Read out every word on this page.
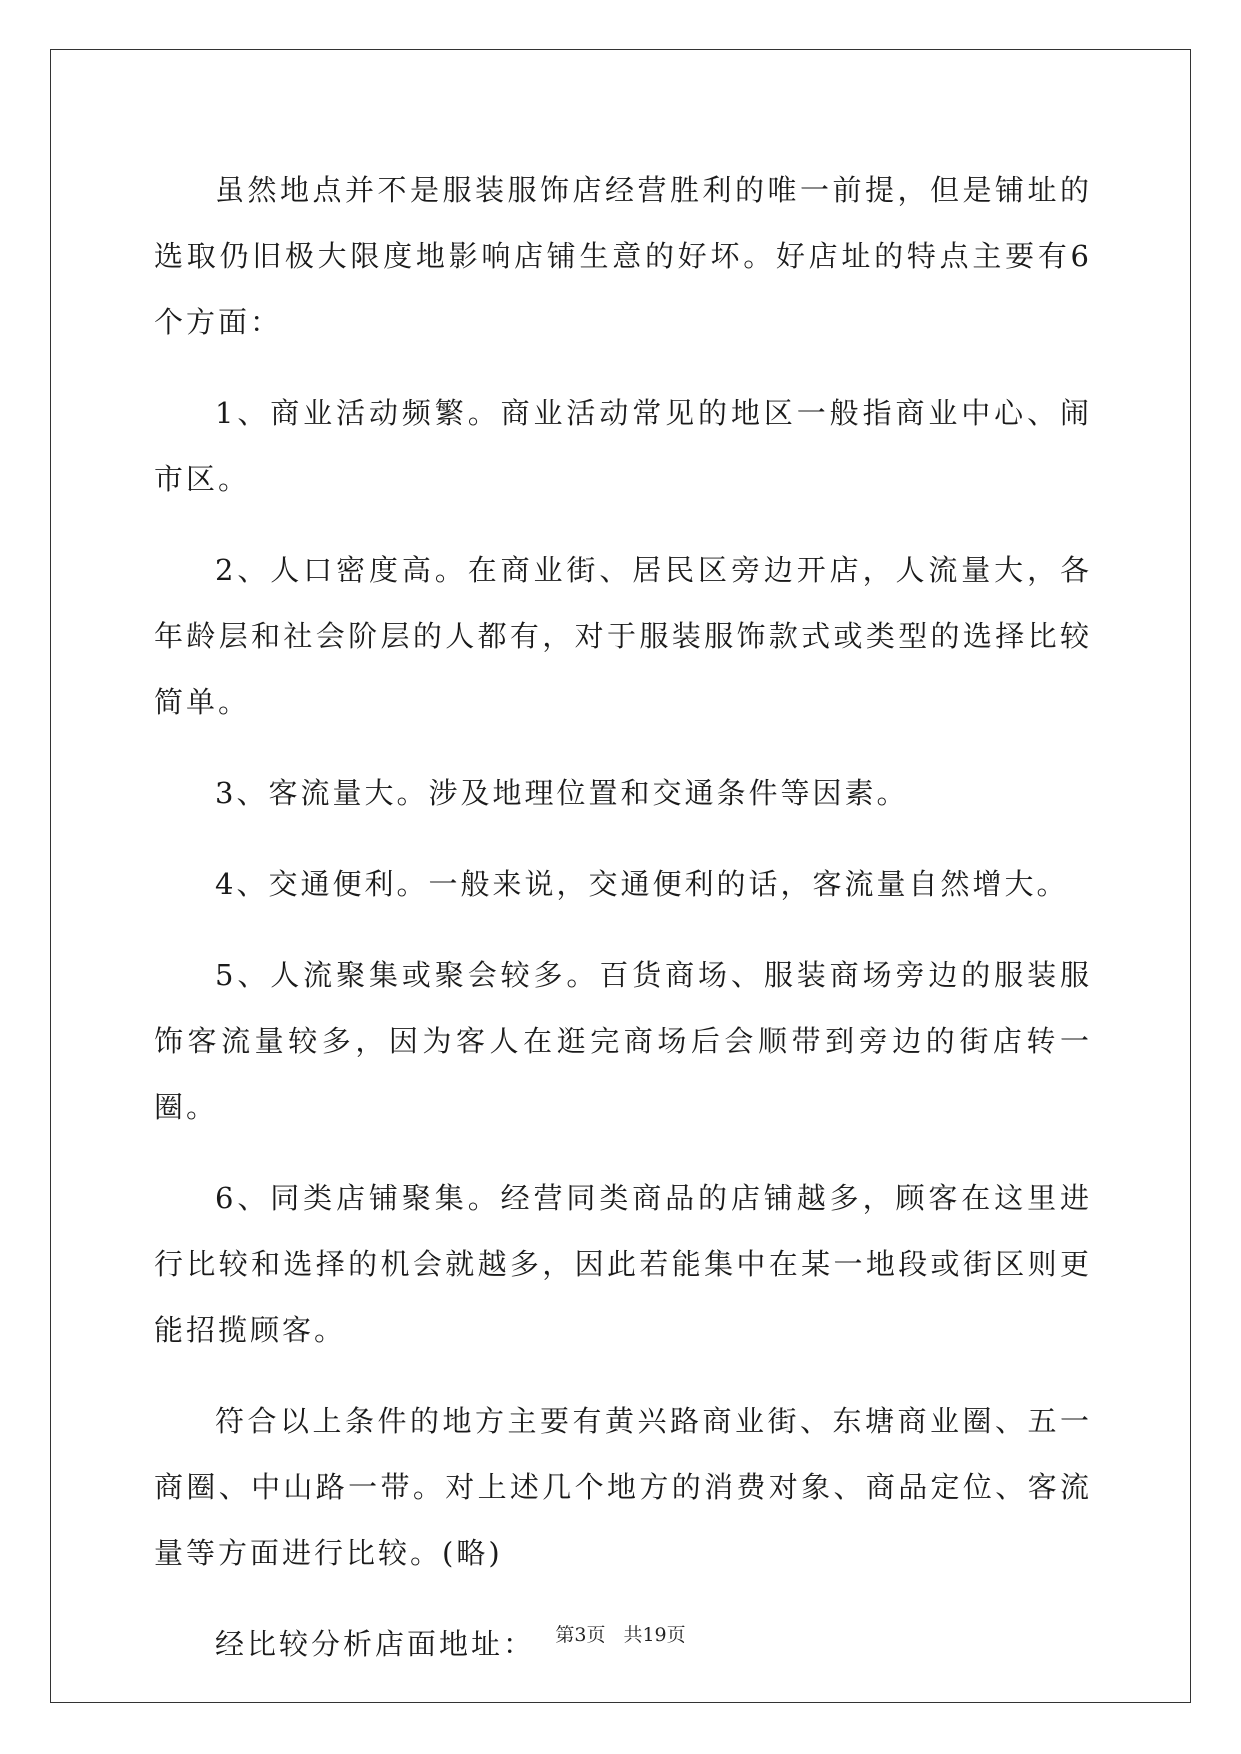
虽然地点并不是服装服饰店经营胜利的唯一前提，但是铺址的选取仍旧极大限度地影响店铺生意的好坏。好店址的特点主要有6个方面：

1、商业活动频繁。商业活动常见的地区一般指商业中心、闹市区。

2、人口密度高。在商业街、居民区旁边开店，人流量大，各年龄层和社会阶层的人都有，对于服装服饰款式或类型的选择比较简单。

3、客流量大。涉及地理位置和交通条件等因素。

4、交通便利。一般来说，交通便利的话，客流量自然增大。

5、人流聚集或聚会较多。百货商场、服装商场旁边的服装服饰客流量较多，因为客人在逛完商场后会顺带到旁边的街店转一圈。

6、同类店铺聚集。经营同类商品的店铺越多，顾客在这里进行比较和选择的机会就越多，因此若能集中在某一地段或街区则更能招揽顾客。

符合以上条件的地方主要有黄兴路商业街、东塘商业圈、五一商圈、中山路一带。对上述几个地方的消费对象、商品定位、客流量等方面进行比较。(略)

经比较分析店面地址：	第3页 共19页
